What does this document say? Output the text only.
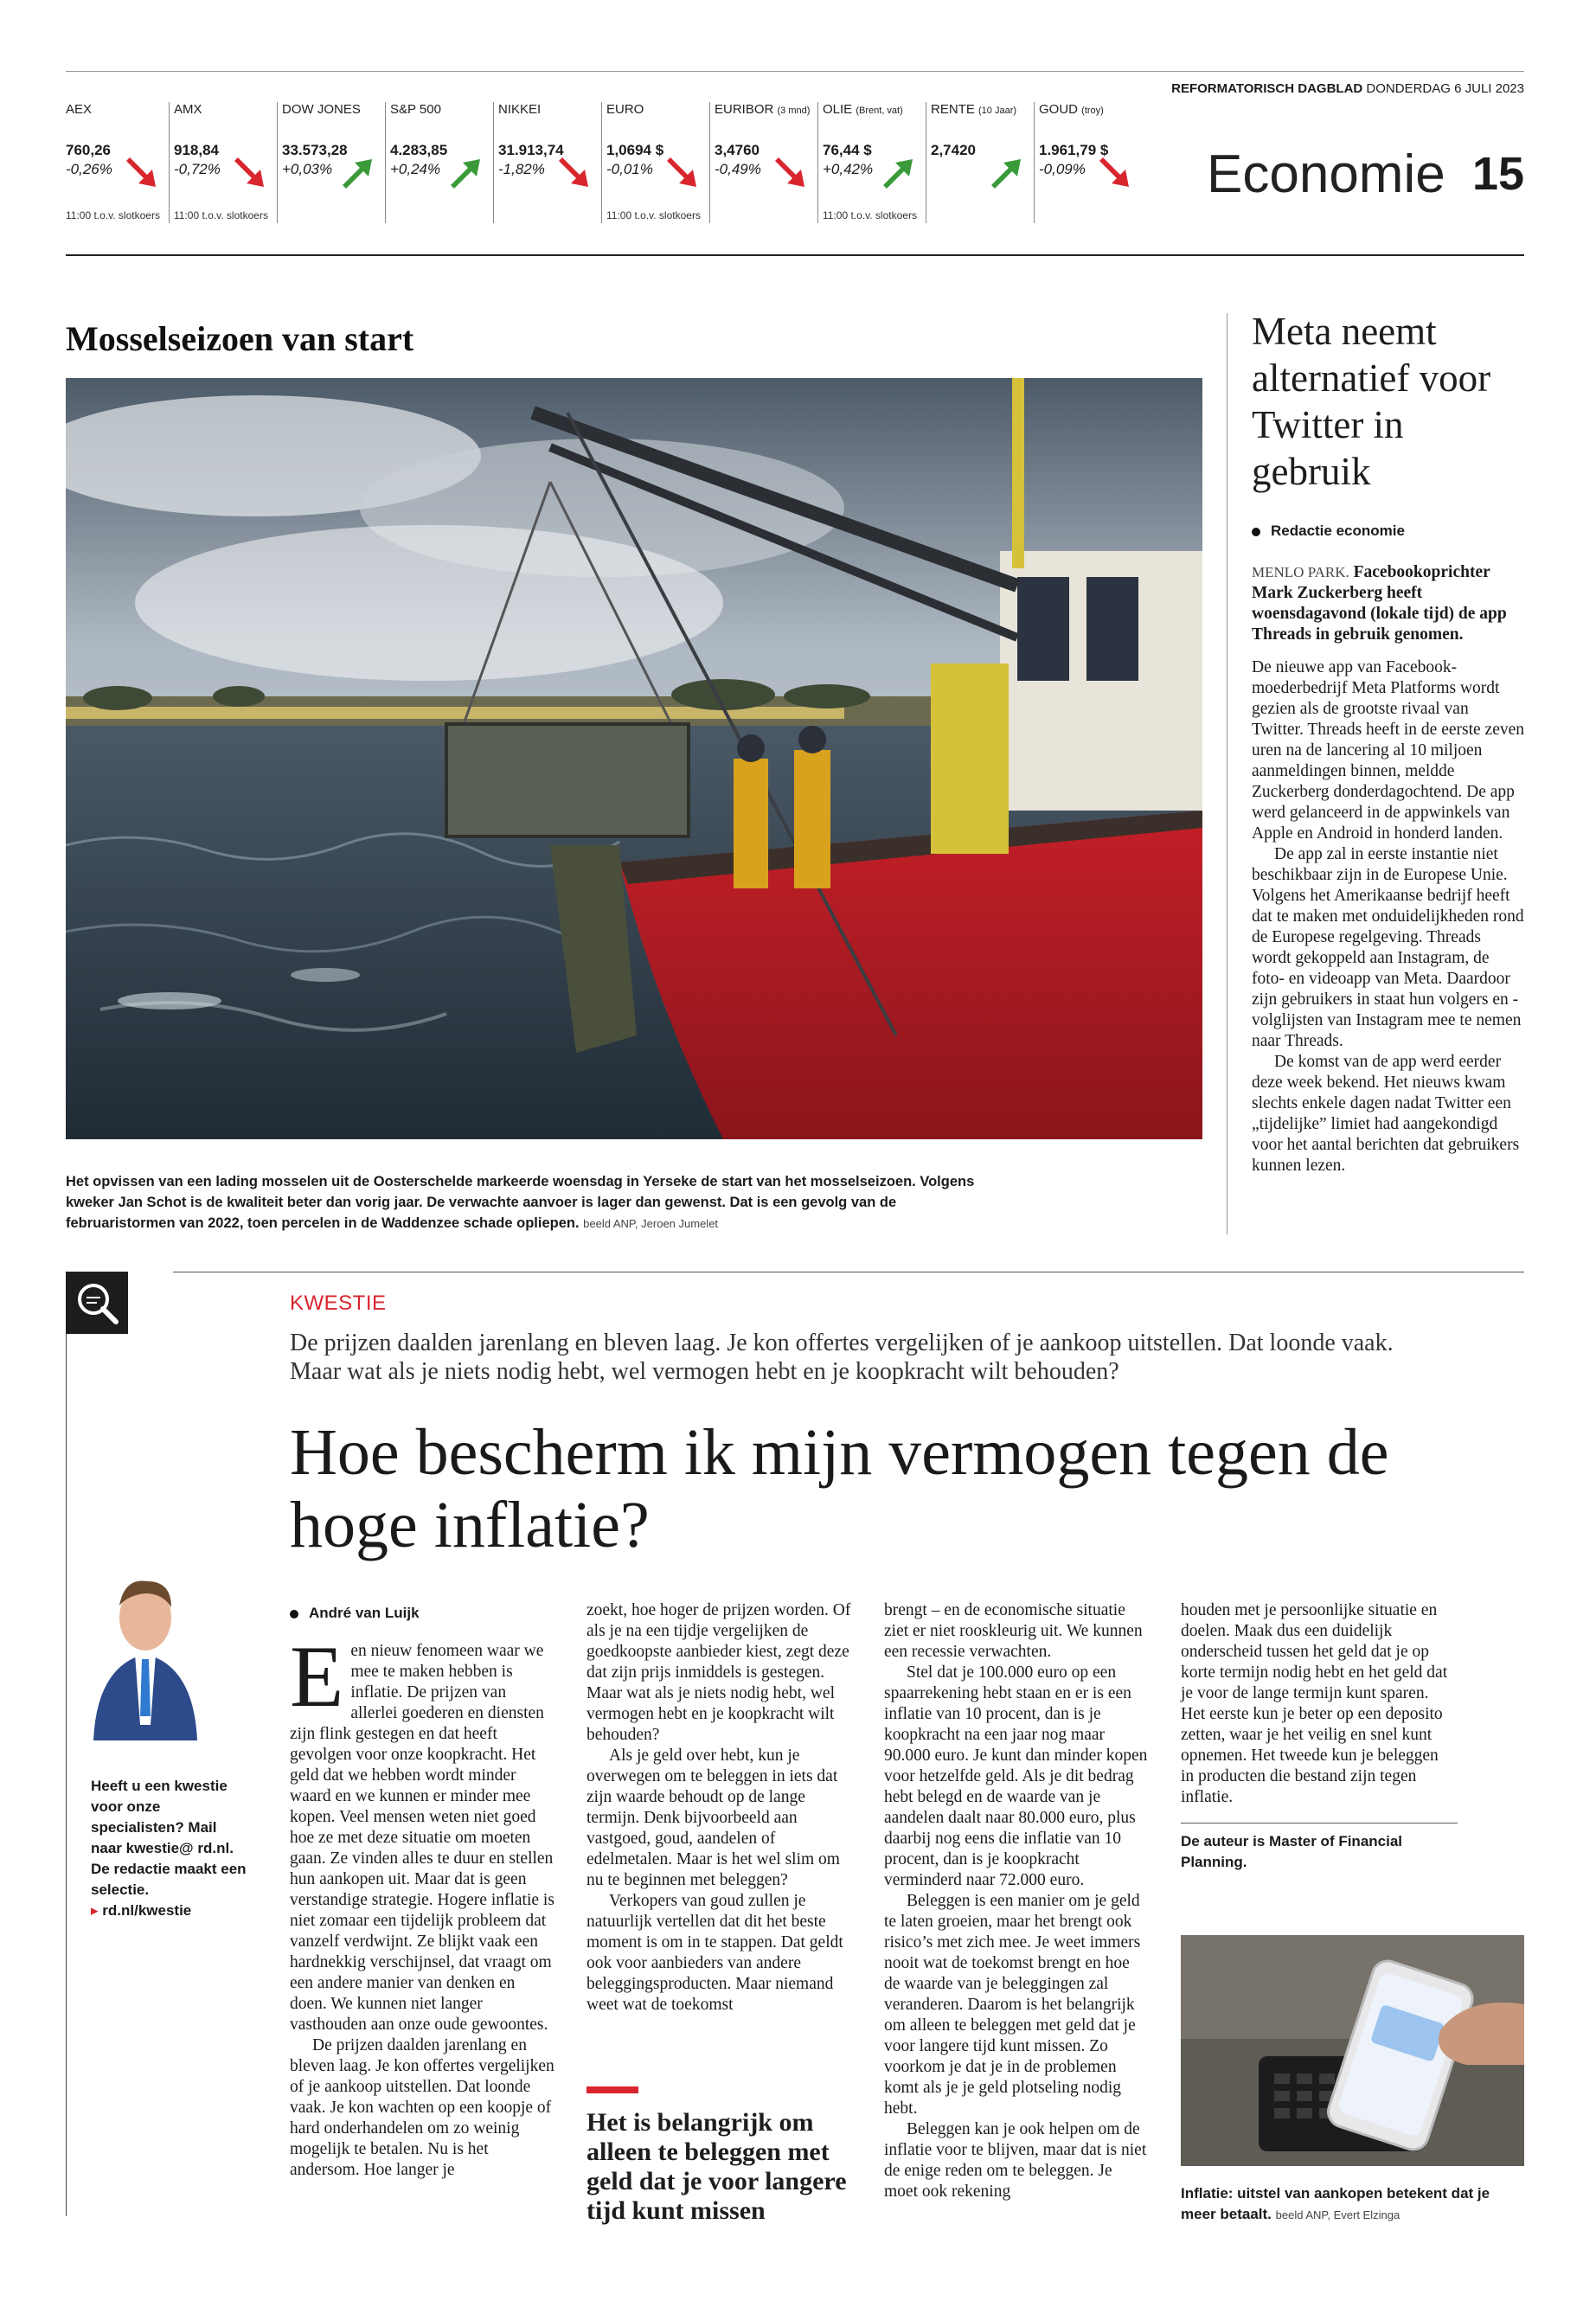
REFORMATORISCH DAGBLAD DONDERDAG 6 JULI 2023
Economie 15
AEX
760,26
-0,26%
11:00 t.o.v. slotkoers
AMX
918,84
-0,72%
11:00 t.o.v. slotkoers
DOW JONES
33.573,28
+0,03%
S&P 500
4.283,85
+0,24%
NIKKEI
31.913,74
-1,82%
EURO
1,0694 $
-0,01%
11:00 t.o.v. slotkoers
EURIBOR (3 mnd)
3,4760
-0,49%
OLIE (Brent, vat)
76,44 $
+0,42%
11:00 t.o.v. slotkoers
RENTE (10 Jaar)
2,7420
GOUD (troy)
1.961,79 $
-0,09%
Mosselseizoen van start
Het opvissen van een lading mosselen uit de Oosterschelde markeerde woensdag in Yerseke de start van het mosselseizoen. Volgens kweker Jan Schot is de kwaliteit beter dan vorig jaar. De verwachte aanvoer is lager dan gewenst. Dat is een gevolg van de februaristormen van 2022, toen percelen in de Waddenzee schade opliepen. beeld ANP, Jeroen Jumelet
Meta neemt alternatief voor Twitter in gebruik
Redactie economie

MENLO PARK. Facebookoprichter Mark Zuckerberg heeft woensdagavond (lokale tijd) de app Threads in gebruik genomen.

De nieuwe app van Facebook-moederbedrijf Meta Platforms wordt gezien als de grootste rivaal van Twitter. Threads heeft in de eerste zeven uren na de lancering al 10 miljoen aanmeldingen binnen, meldde Zuckerberg donderdagochtend. De app werd gelanceerd in de appwinkels van Apple en Android in honderd landen.

De app zal in eerste instantie niet beschikbaar zijn in de Europese Unie. Volgens het Amerikaanse bedrijf heeft dat te maken met onduidelijkheden rond de Europese regelgeving. Threads wordt gekoppeld aan Instagram, de foto- en videoapp van Meta. Daardoor zijn gebruikers in staat hun volgers en -volglijsten van Instagram mee te nemen naar Threads.

De komst van de app werd eerder deze week bekend. Het nieuws kwam slechts enkele dagen nadat Twitter een „tijdelijke” limiet had aangekondigd voor het aantal berichten dat gebruikers kunnen lezen.

KWESTIE
De prijzen daalden jarenlang en bleven laag. Je kon offertes vergelijken of je aankoop uitstellen. Dat loonde vaak. Maar wat als je niets nodig hebt, wel vermogen hebt en je koopkracht wilt behouden?
Hoe bescherm ik mijn vermogen tegen de hoge inflatie?
Heeft u een kwestie voor onze specialisten? Mail naar kwestie@ rd.nl. De redactie maakt een selectie.
▸ rd.nl/kwestie
André van Luijk

Een nieuw fenomeen waar we mee te maken hebben is inflatie. De prijzen van allerlei goederen en diensten zijn flink gestegen en dat heeft gevolgen voor onze koopkracht. Het geld dat we hebben wordt minder waard en we kunnen er minder mee kopen. Veel mensen weten niet goed hoe ze met deze situatie om moeten gaan. Ze vinden alles te duur en stellen hun aankopen uit. Maar dat is geen verstandige strategie. Hogere inflatie is niet zomaar een tijdelijk probleem dat vanzelf verdwijnt. Ze blijkt vaak een hardnekkig verschijnsel, dat vraagt om een andere manier van denken en doen. We kunnen niet langer vasthouden aan onze oude gewoontes.

De prijzen daalden jarenlang en bleven laag. Je kon offertes vergelijken of je aankoop uitstellen. Dat loonde vaak. Je kon wachten op een koopje of hard onderhandelen om zo weinig mogelijk te betalen. Nu is het andersom. Hoe langer je

zoekt, hoe hoger de prijzen worden. Of als je na een tijdje vergelijken de goedkoopste aanbieder kiest, zegt deze dat zijn prijs inmiddels is gestegen. Maar wat als je niets nodig hebt, wel vermogen hebt en je koopkracht wilt behouden?

Als je geld over hebt, kun je overwegen om te beleggen in iets dat zijn waarde behoudt op de lange termijn. Denk bijvoorbeeld aan vastgoed, goud, aandelen of edelmetalen. Maar is het wel slim om nu te beginnen met beleggen?

Verkopers van goud zullen je natuurlijk vertellen dat dit het beste moment is om in te stappen. Dat geldt ook voor aanbieders van andere beleggingsproducten. Maar niemand weet wat de toekomst

Het is belangrijk om alleen te beleggen met geld dat je voor langere tijd kunt missen

brengt – en de economische situatie ziet er niet rooskleurig uit. We kunnen een recessie verwachten.

Stel dat je 100.000 euro op een spaarrekening hebt staan en er is een inflatie van 10 procent, dan is je koopkracht na een jaar nog maar 90.000 euro. Je kunt dan minder kopen voor hetzelfde geld. Als je dit bedrag hebt belegd en de waarde van je aandelen daalt naar 80.000 euro, plus daarbij nog eens die inflatie van 10 procent, dan is je koopkracht verminderd naar 72.000 euro.

Beleggen is een manier om je geld te laten groeien, maar het brengt ook risico’s met zich mee. Je weet immers nooit wat de toekomst brengt en hoe de waarde van je beleggingen zal veranderen. Daarom is het belangrijk om alleen te beleggen met geld dat je voor langere tijd kunt missen. Zo voorkom je dat je in de problemen komt als je je geld plotseling nodig hebt.

Beleggen kan je ook helpen om de inflatie voor te blijven, maar dat is niet de enige reden om te beleggen. Je moet ook rekening

houden met je persoonlijke situatie en doelen. Maak dus een duidelijk onderscheid tussen het geld dat je op korte termijn nodig hebt en het geld dat je voor de lange termijn kunt sparen. Het eerste kun je beter op een deposito zetten, waar je het veilig en snel kunt opnemen. Het tweede kun je beleggen in producten die bestand zijn tegen inflatie.

De auteur is Master of Financial Planning.
Inflatie: uitstel van aankopen betekent dat je meer betaalt. beeld ANP, Evert Elzinga
